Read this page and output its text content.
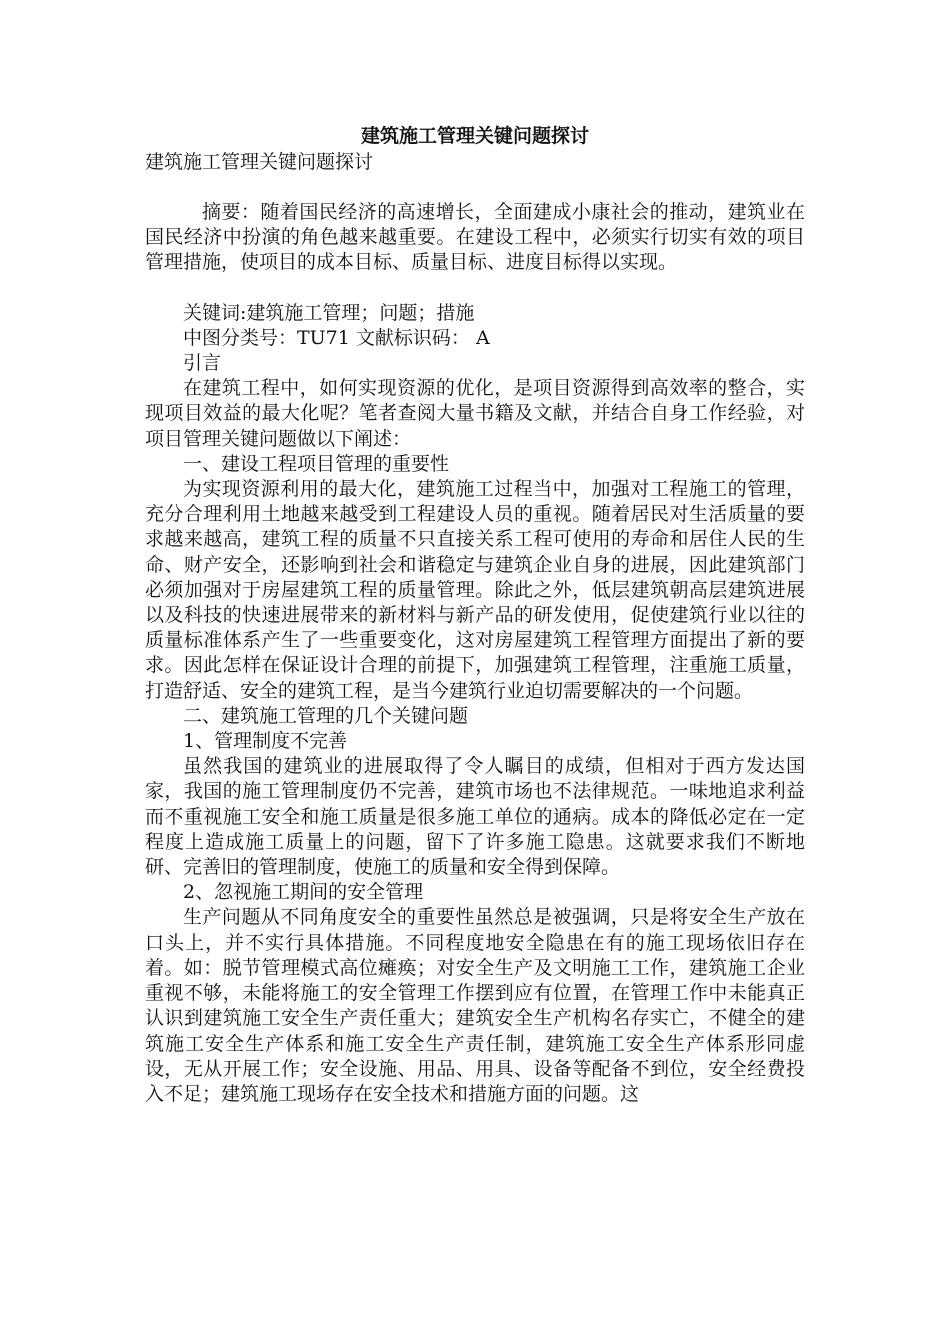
建筑施工管理关键问题探讨
建筑施工管理关键问题探讨

摘要：随着国民经济的高速增长，全面建成小康社会的推动，建筑业在国民经济中扮演的角色越来越重要。在建设工程中，必须实行切实有效的项目管理措施，使项目的成本目标、质量目标、进度目标得以实现。

关键词:建筑施工管理；问题；措施

中图分类号：TU71 文献标识码： A

引言

在建筑工程中，如何实现资源的优化，是项目资源得到高效率的整合，实现项目效益的最大化呢？笔者查阅大量书籍及文献，并结合自身工作经验，对项目管理关键问题做以下阐述：

一、建设工程项目管理的重要性

为实现资源利用的最大化，建筑施工过程当中，加强对工程施工的管理，充分合理利用土地越来越受到工程建设人员的重视。随着居民对生活质量的要求越来越高，建筑工程的质量不只直接关系工程可使用的寿命和居住人民的生命、财产安全，还影响到社会和谐稳定与建筑企业自身的进展，因此建筑部门必须加强对于房屋建筑工程的质量管理。除此之外，低层建筑朝高层建筑进展以及科技的快速进展带来的新材料与新产品的研发使用，促使建筑行业以往的质量标准体系产生了一些重要变化，这对房屋建筑工程管理方面提出了新的要求。因此怎样在保证设计合理的前提下，加强建筑工程管理，注重施工质量，打造舒适、安全的建筑工程，是当今建筑行业迫切需要解决的一个问题。

二、建筑施工管理的几个关键问题

1、管理制度不完善

虽然我国的建筑业的进展取得了令人瞩目的成绩，但相对于西方发达国家，我国的施工管理制度仍不完善，建筑市场也不法律规范。一味地追求利益而不重视施工安全和施工质量是很多施工单位的通病。成本的降低必定在一定程度上造成施工质量上的问题，留下了许多施工隐患。这就要求我们不断地研、完善旧的管理制度，使施工的质量和安全得到保障。

2、忽视施工期间的安全管理

生产问题从不同角度安全的重要性虽然总是被强调，只是将安全生产放在口头上，并不实行具体措施。不同程度地安全隐患在有的施工现场依旧存在着。如：脱节管理模式高位瘫痪；对安全生产及文明施工工作，建筑施工企业重视不够，未能将施工的安全管理工作摆到应有位置，在管理工作中未能真正认识到建筑施工安全生产责任重大；建筑安全生产机构名存实亡，不健全的建筑施工安全生产体系和施工安全生产责任制，建筑施工安全生产体系形同虚设，无从开展工作；安全设施、用品、用具、设备等配备不到位，安全经费投入不足；建筑施工现场存在安全技术和措施方面的问题。这
